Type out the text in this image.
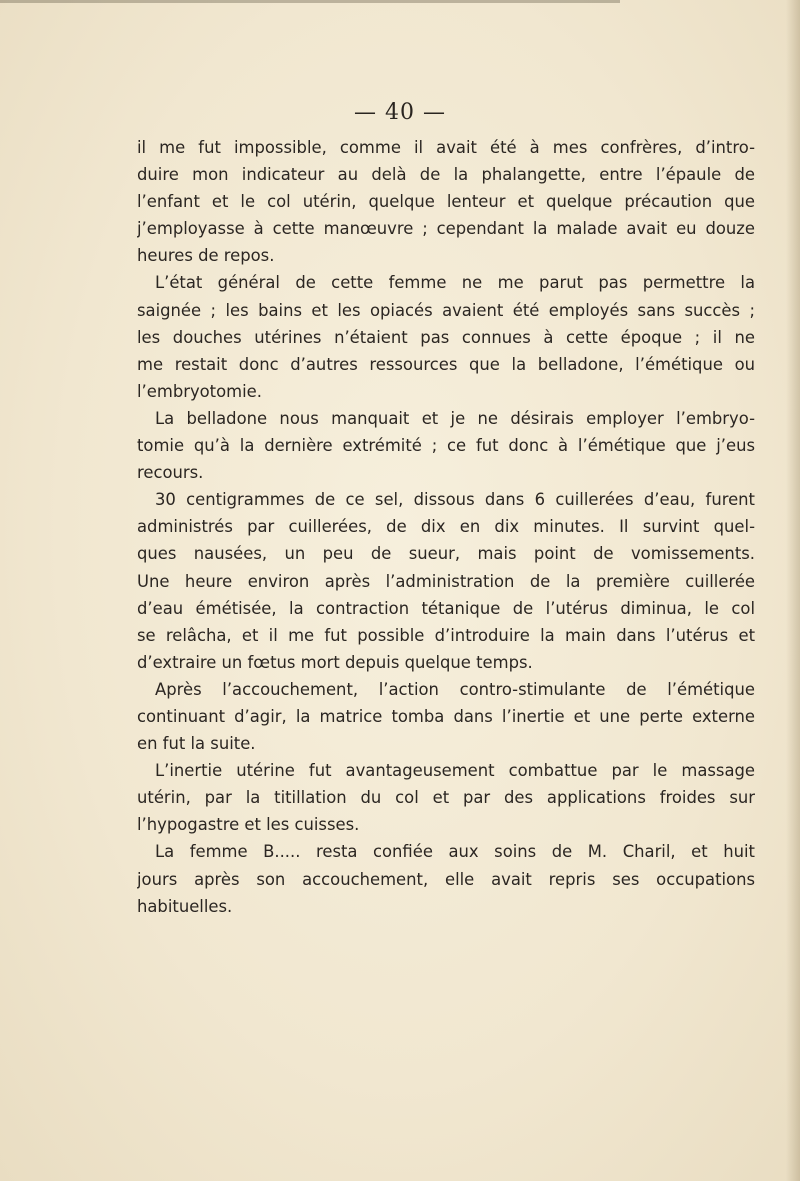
— 40 —
il me fut impossible, comme il avait été à mes confrères, d’intro-
duire mon indicateur au delà de la phalangette, entre l’épaule de
l’enfant et le col utérin, quelque lenteur et quelque précaution que
j’employasse à cette manœuvre ; cependant la malade avait eu douze
heures de repos.
L’état général de cette femme ne me parut pas permettre la
saignée ; les bains et les opiacés avaient été employés sans succès ;
les douches utérines n’étaient pas connues à cette époque ; il ne
me restait donc d’autres ressources que la belladone, l’émétique ou
l’embryotomie.
La belladone nous manquait et je ne désirais employer l’embryo-
tomie qu’à la dernière extrémité ; ce fut donc à l’émétique que j’eus
recours.
30 centigrammes de ce sel, dissous dans 6 cuillerées d’eau, furent
administrés par cuillerées, de dix en dix minutes. Il survint quel-
ques nausées, un peu de sueur, mais point de vomissements.
Une heure environ après l’administration de la première cuillerée
d’eau émétisée, la contraction tétanique de l’utérus diminua, le col
se relâcha, et il me fut possible d’introduire la main dans l’utérus et
d’extraire un fœtus mort depuis quelque temps.
Après l’accouchement, l’action contro-stimulante de l’émétique
continuant d’agir, la matrice tomba dans l’inertie et une perte externe
en fut la suite.
L’inertie utérine fut avantageusement combattue par le massage
utérin, par la titillation du col et par des applications froides sur
l’hypogastre et les cuisses.
La femme B..... resta confiée aux soins de M. Charil, et huit
jours après son accouchement, elle avait repris ses occupations
habituelles.
